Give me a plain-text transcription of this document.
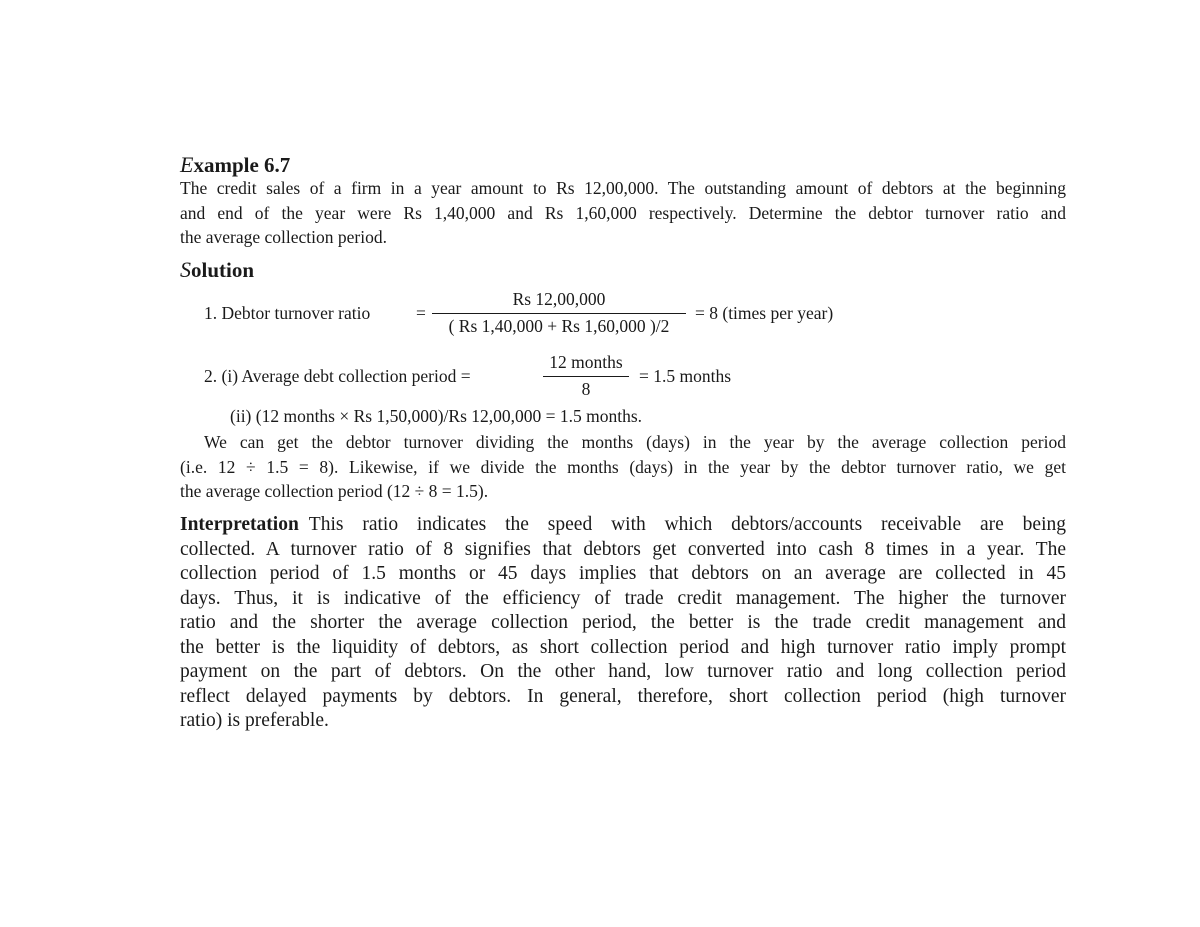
Example 6.7

The credit sales of a firm in a year amount to Rs 12,00,000. The outstanding amount of debtors at the beginning
and end of the year were Rs 1,40,000 and Rs 1,60,000 respectively. Determine the debtor turnover ratio and
the average collection period.

Solution
1. Debtor turnover ratio	=
Rs 12,00,000
( Rs 1,40,000 + Rs 1,60,000 )/2
= 8 (times per year)
2. (i) Average debt collection period =
12 months
8
= 1.5 months
(ii) (12 months × Rs 1,50,000)/Rs 12,00,000 = 1.5 months.

We can get the debtor turnover dividing the months (days) in the year by the average collection period
(i.e. 12 ÷ 1.5 = 8). Likewise, if we divide the months (days) in the year by the debtor turnover ratio, we get
the average collection period (12 ÷ 8 = 1.5).

Interpretation This ratio indicates the speed with which debtors/accounts receivable are being
collected. A turnover ratio of 8 signifies that debtors get converted into cash 8 times in a year. The
collection period of 1.5 months or 45 days implies that debtors on an average are collected in 45
days. Thus, it is indicative of the efficiency of trade credit management. The higher the turnover
ratio and the shorter the average collection period, the better is the trade credit management and
the better is the liquidity of debtors, as short collection period and high turnover ratio imply prompt
payment on the part of debtors. On the other hand, low turnover ratio and long collection period
reflect delayed payments by debtors. In general, therefore, short collection period (high turnover
ratio) is preferable.
